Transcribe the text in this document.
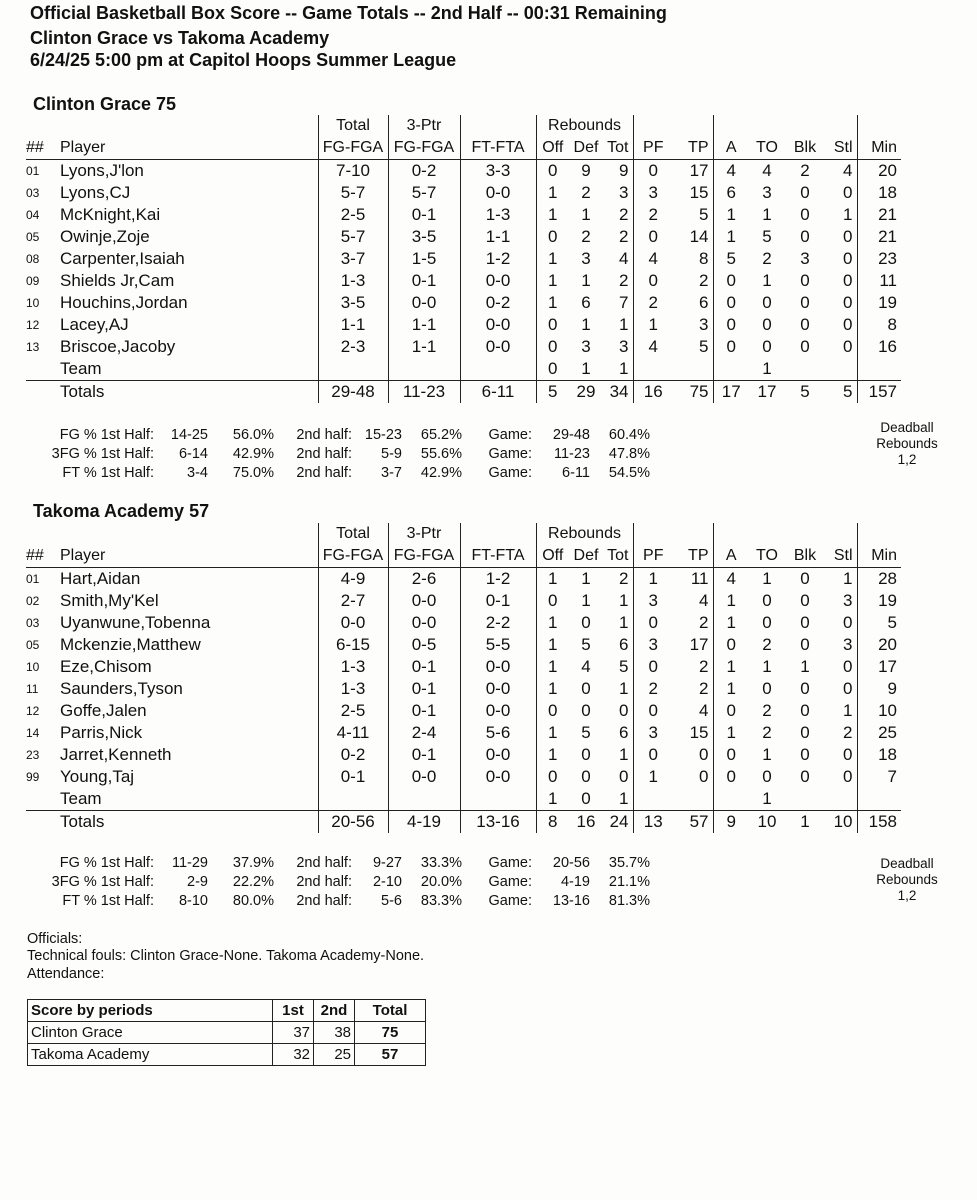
Official Basketball Box Score -- Game Totals -- 2nd Half -- 00:31 Remaining
Clinton Grace vs Takoma Academy
6/24/25 5:00 pm at Capitol Hoops Summer League
Clinton Grace 75
		Total	3-Ptr		Rebounds									
##	Player	FG-FGA	FG-FGA	FT-FTA	Off	Def	Tot	PF	TP	A	TO	Blk	Stl	Min
01	Lyons,J'lon	7-10	0-2	3-3	0	9	9	0	17	4	4	2	4	20
03	Lyons,CJ	5-7	5-7	0-0	1	2	3	3	15	6	3	0	0	18
04	McKnight,Kai	2-5	0-1	1-3	1	1	2	2	5	1	1	0	1	21
05	Owinje,Zoje	5-7	3-5	1-1	0	2	2	0	14	1	5	0	0	21
08	Carpenter,Isaiah	3-7	1-5	1-2	1	3	4	4	8	5	2	3	0	23
09	Shields Jr,Cam	1-3	0-1	0-0	1	1	2	0	2	0	1	0	0	11
10	Houchins,Jordan	3-5	0-0	0-2	1	6	7	2	6	0	0	0	0	19
12	Lacey,AJ	1-1	1-1	0-0	0	1	1	1	3	0	0	0	0	8
13	Briscoe,Jacoby	2-3	1-1	0-0	0	3	3	4	5	0	0	0	0	16
	Team				0	1	1				1			
	Totals	29-48	11-23	6-11	5	29	34	16	75	17	17	5	5	157
FG % 1st Half:	14-25	56.0%	2nd half: 15-23	65.2%	Game:	29-48	60.4%
3FG % 1st Half:	6-14	42.9%	2nd half:	5-9	55.6%	Game:	11-23	47.8%
FT % 1st Half:	3-4	75.0%	2nd half:	3-7	42.9%	Game:	6-11	54.5%
Deadball
Rebounds
1,2
Takoma Academy 57
		Total	3-Ptr		Rebounds									
##	Player	FG-FGA	FG-FGA	FT-FTA	Off	Def	Tot	PF	TP	A	TO	Blk	Stl	Min
01	Hart,Aidan	4-9	2-6	1-2	1	1	2	1	11	4	1	0	1	28
02	Smith,My'Kel	2-7	0-0	0-1	0	1	1	3	4	1	0	0	3	19
03	Uyanwune,Tobenna	0-0	0-0	2-2	1	0	1	0	2	1	0	0	0	5
05	Mckenzie,Matthew	6-15	0-5	5-5	1	5	6	3	17	0	2	0	3	20
10	Eze,Chisom	1-3	0-1	0-0	1	4	5	0	2	1	1	1	0	17
11	Saunders,Tyson	1-3	0-1	0-0	1	0	1	2	2	1	0	0	0	9
12	Goffe,Jalen	2-5	0-1	0-0	0	0	0	0	4	0	2	0	1	10
14	Parris,Nick	4-11	2-4	5-6	1	5	6	3	15	1	2	0	2	25
23	Jarret,Kenneth	0-2	0-1	0-0	1	0	1	0	0	0	1	0	0	18
99	Young,Taj	0-1	0-0	0-0	0	0	0	1	0	0	0	0	0	7
	Team				1	0	1				1			
	Totals	20-56	4-19	13-16	8	16	24	13	57	9	10	1	10	158
FG % 1st Half:	11-29	37.9%	2nd half:	9-27	33.3%	Game:	20-56	35.7%
3FG % 1st Half:	2-9	22.2%	2nd half:	2-10	20.0%	Game:	4-19	21.1%
FT % 1st Half:	8-10	80.0%	2nd half:	5-6	83.3%	Game:	13-16	81.3%
Deadball
Rebounds
1,2
Officials:
Technical fouls: Clinton Grace-None. Takoma Academy-None.
Attendance:
Score by periods	1st	2nd	Total
Clinton Grace	37	38	75
Takoma Academy	32	25	57
